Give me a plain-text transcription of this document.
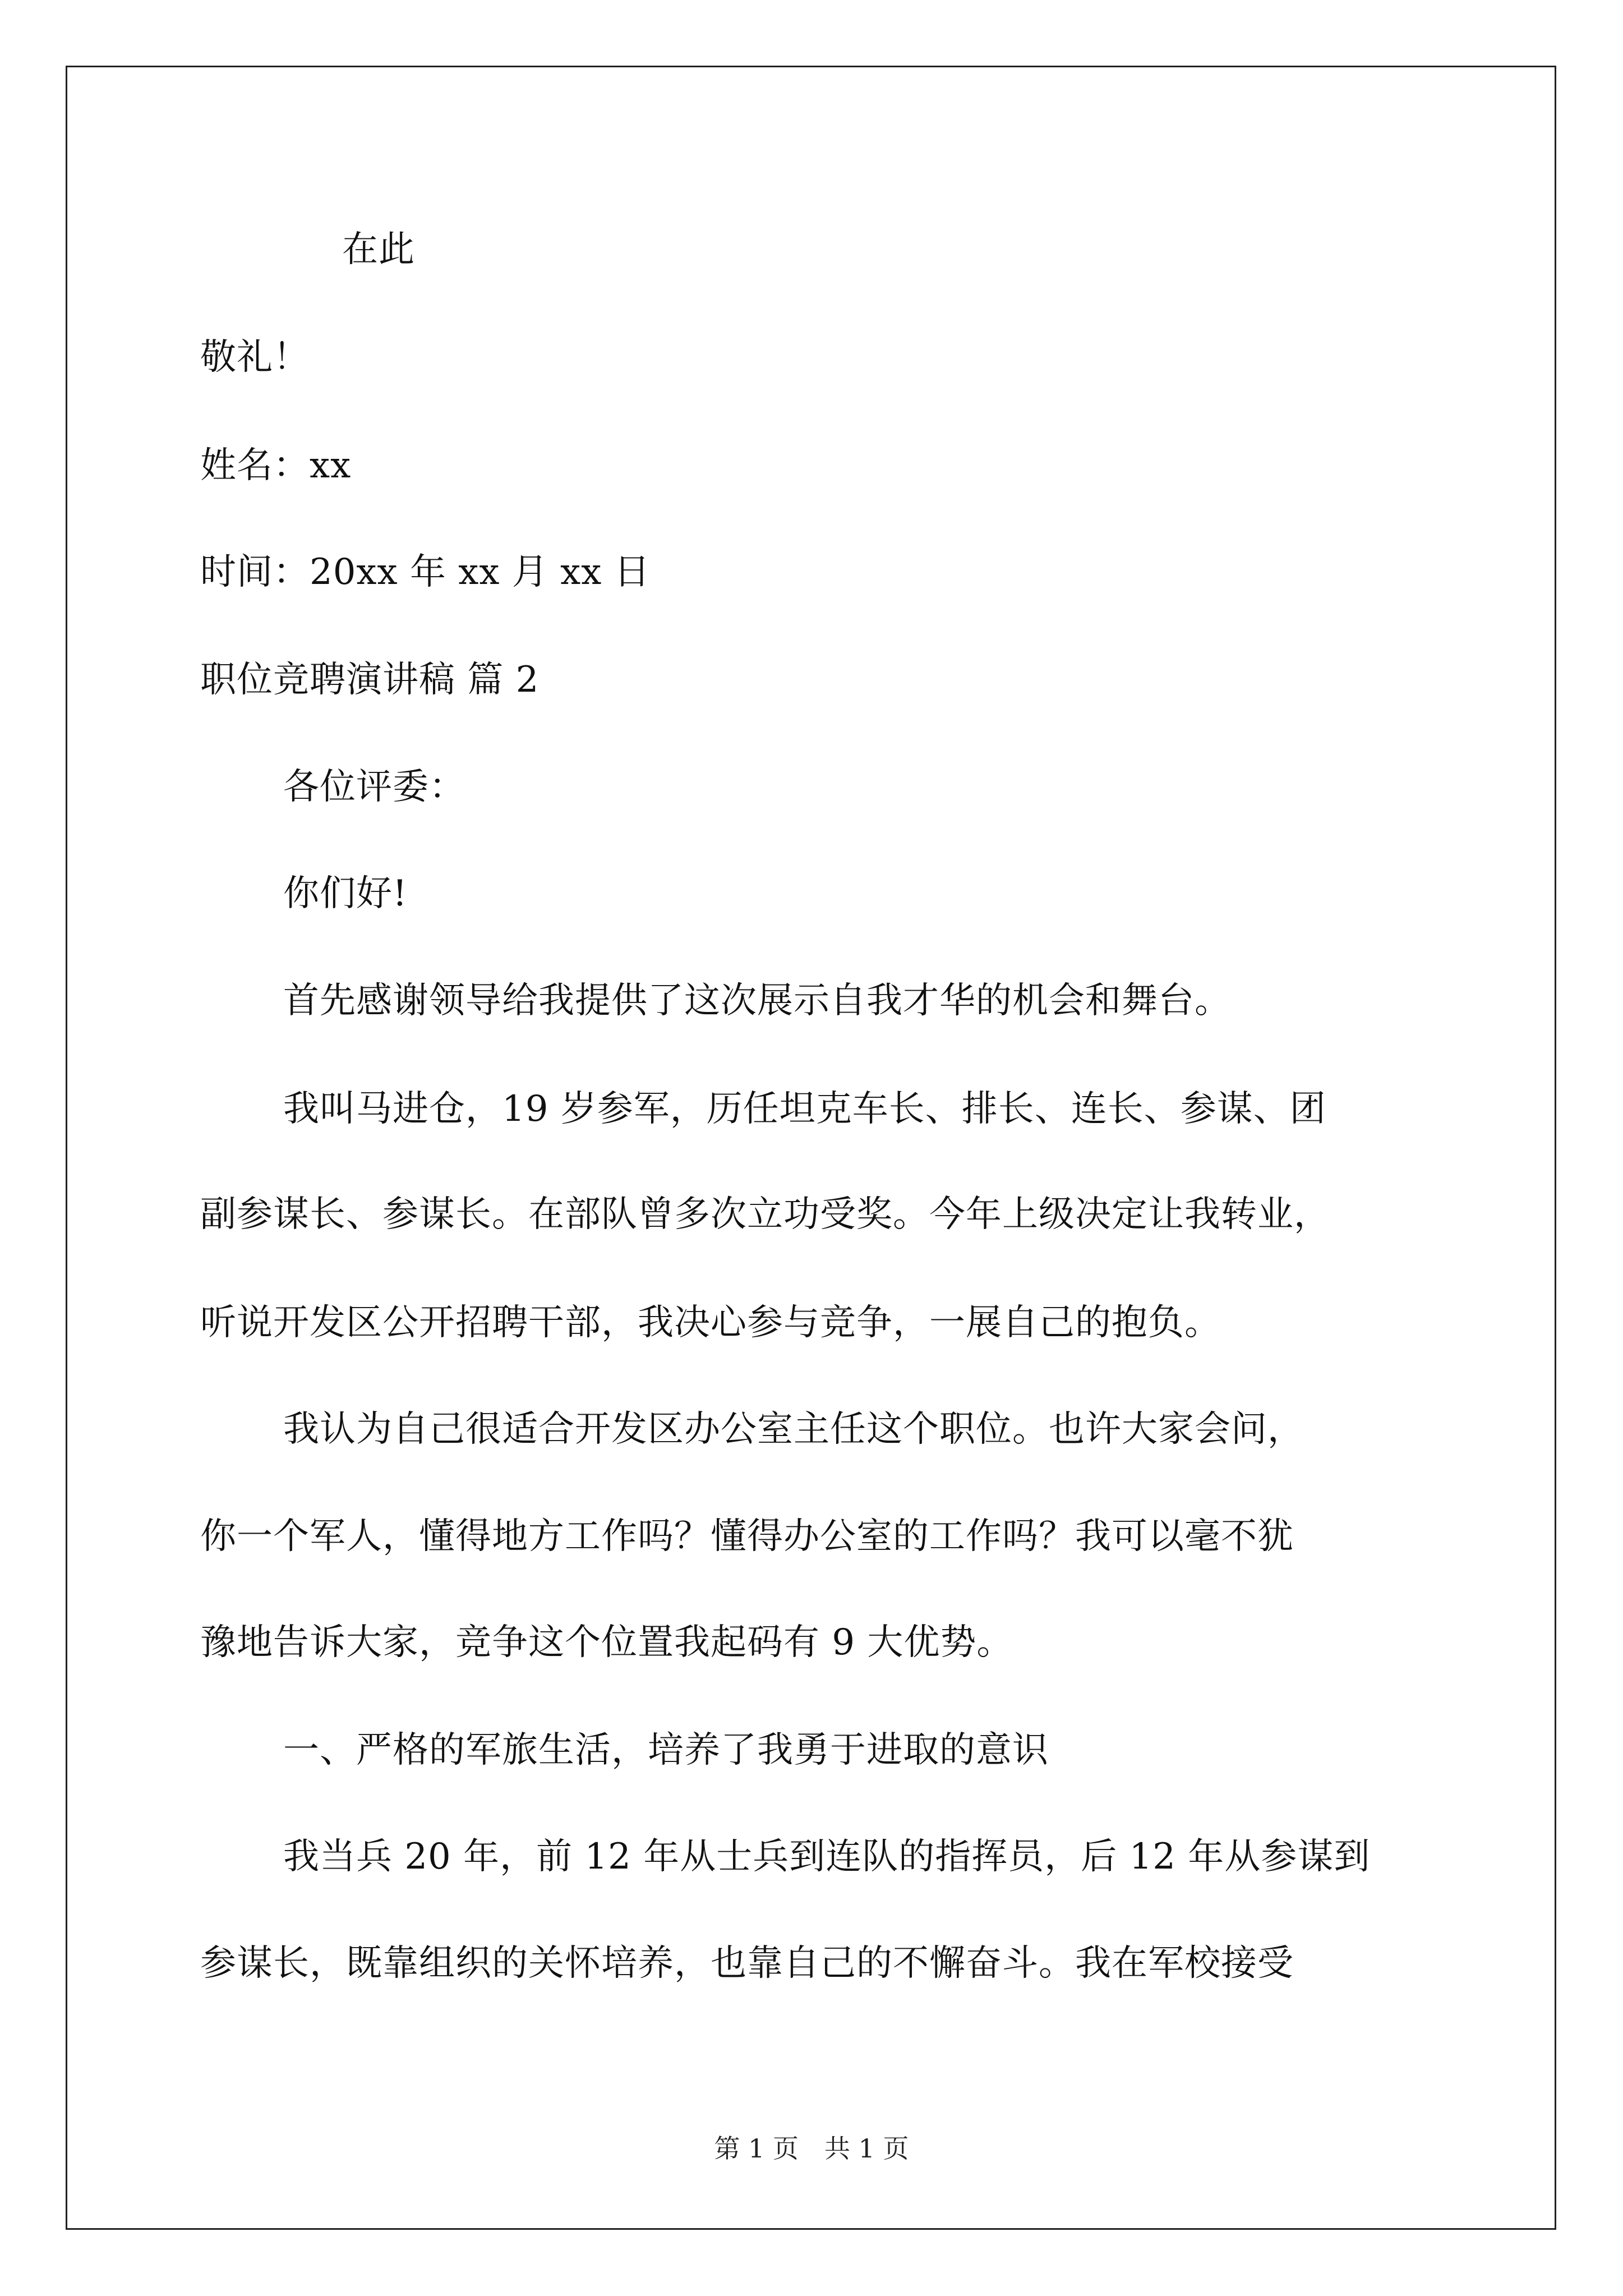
在此
敬礼！
姓名：xx
时间：20xx 年 xx 月 xx 日
职位竞聘演讲稿 篇 2
各位评委：
你们好!
首先感谢领导给我提供了这次展示自我才华的机会和舞台。
我叫马进仓，19 岁参军，历任坦克车长、排长、连长、参谋、团
副参谋长、参谋长。在部队曾多次立功受奖。今年上级决定让我转业，
听说开发区公开招聘干部，我决心参与竞争，一展自己的抱负。
我认为自己很适合开发区办公室主任这个职位。也许大家会问，
你一个军人，懂得地方工作吗？懂得办公室的工作吗？我可以毫不犹
豫地告诉大家，竞争这个位置我起码有 9 大优势。
一、严格的军旅生活，培养了我勇于进取的意识
我当兵 20 年，前 12 年从士兵到连队的指挥员，后 12 年从参谋到
参谋长，既靠组织的关怀培养，也靠自己的不懈奋斗。我在军校接受
第 1 页　共 1 页
